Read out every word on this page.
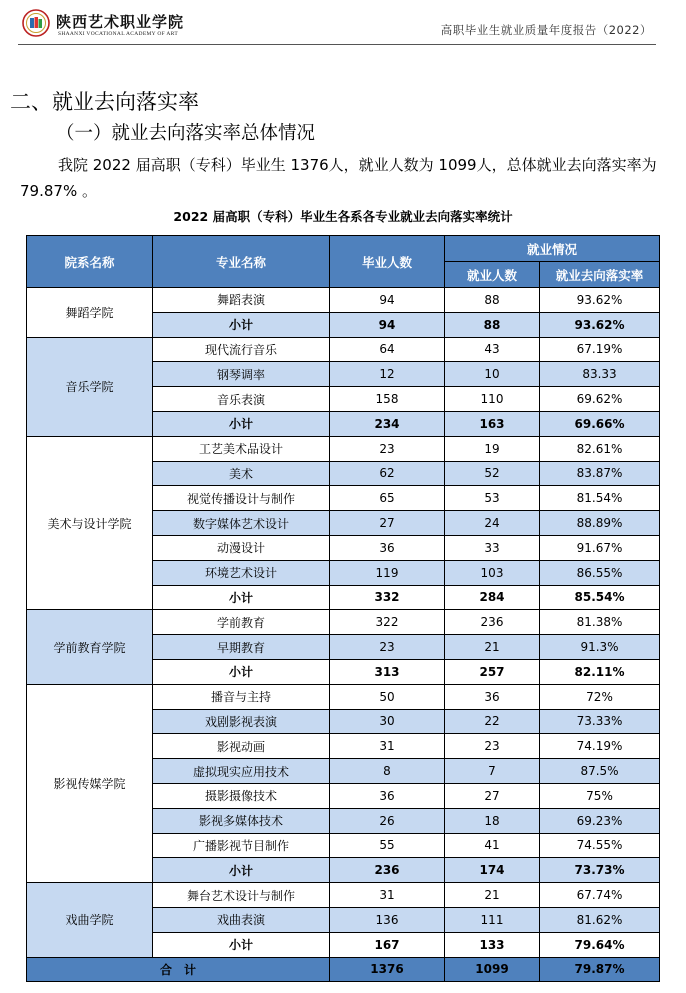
陕西艺术职业学院
SHAANXI VOCATIONAL ACADEMY OF ART	高职毕业生就业质量年度报告（2022）
二、就业去向落实率
（一）就业去向落实率总体情况
我院 2022 届高职（专科）毕业生 1376人，就业人数为 1099人，总体就业去向落实率为79.87% 。
2022 届高职（专科）毕业生各系各专业就业去向落实率统计
院系名称	专业名称	毕业人数	就业情况	
			就业人数	就业去向落实率
舞蹈学院	舞蹈表演	94	88	93.62%
	小计	94	88	93.62%
音乐学院	现代流行音乐	64	43	67.19%
	钢琴调率	12	10	83.33
	音乐表演	158	110	69.62%
	小计	234	163	69.66%
美术与设计学院	工艺美术品设计	23	19	82.61%
	美术	62	52	83.87%
	视觉传播设计与制作	65	53	81.54%
	数字媒体艺术设计	27	24	88.89%
	动漫设计	36	33	91.67%
	环境艺术设计	119	103	86.55%
	小计	332	284	85.54%
学前教育学院	学前教育	322	236	81.38%
	早期教育	23	21	91.3%
	小计	313	257	82.11%
影视传媒学院	播音与主持	50	36	72%
	戏剧影视表演	30	22	73.33%
	影视动画	31	23	74.19%
	虚拟现实应用技术	8	7	87.5%
	摄影摄像技术	36	27	75%
	影视多媒体技术	26	18	69.23%
	广播影视节目制作	55	41	74.55%
	小计	236	174	73.73%
戏曲学院	舞台艺术设计与制作	31	21	67.74%
	戏曲表演	136	111	81.62%
	小计	167	133	79.64%
合　计		1376	1099	79.87%
